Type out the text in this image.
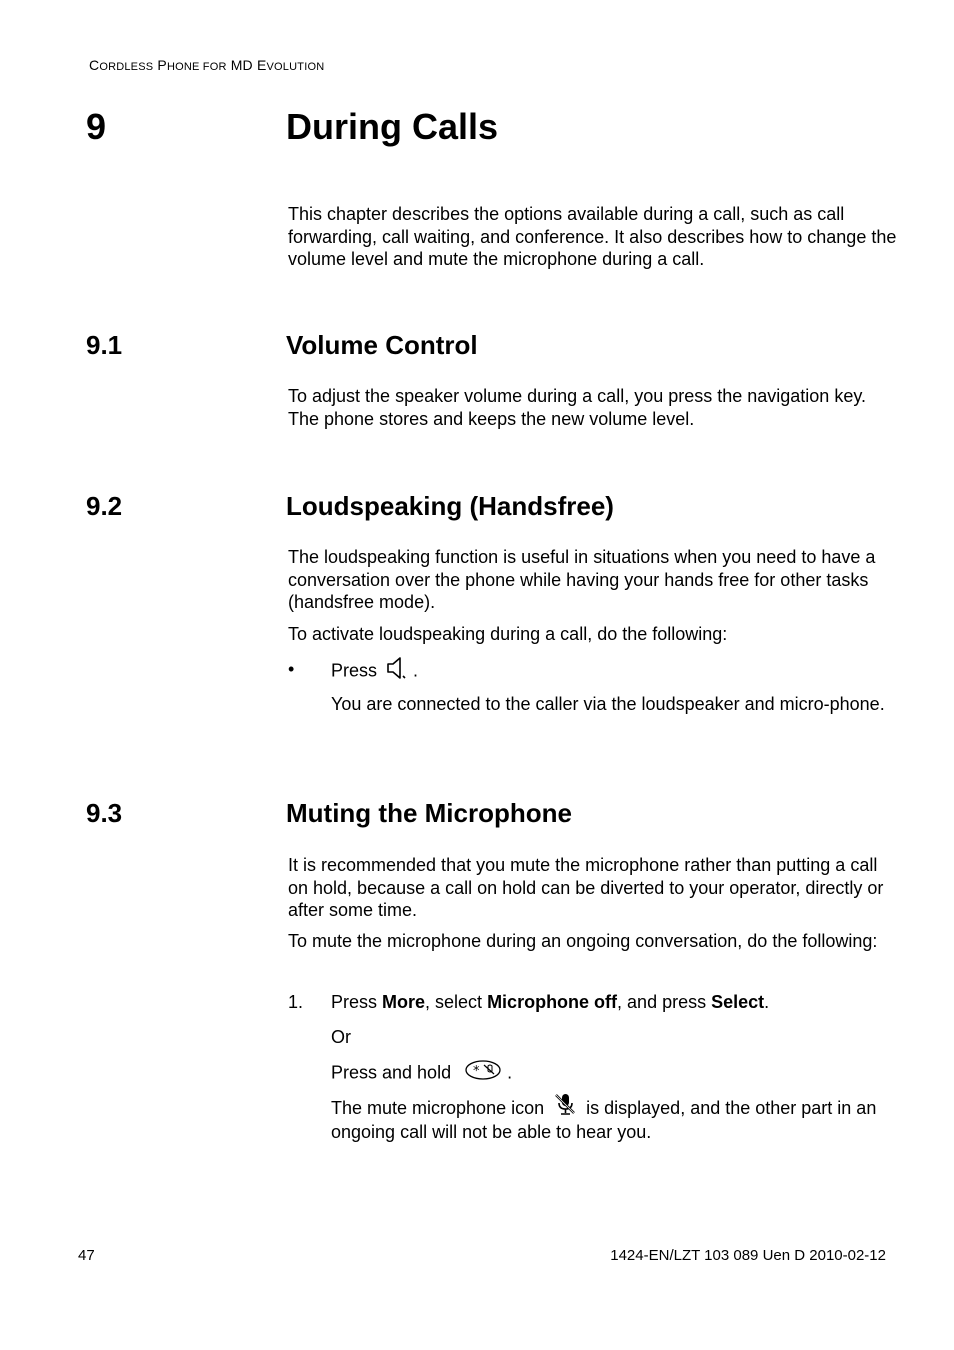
CORDLESS PHONE FOR MD EVOLUTION
9	During Calls

This chapter describes the options available during a call, such as call forwarding, call waiting, and conference. It also describes how to change the volume level and mute the microphone during a call.

9.1	Volume Control

To adjust the speaker volume during a call, you press the navigation key. The phone stores and keeps the new volume level.

9.2	Loudspeaking (Handsfree)

The loudspeaking function is useful in situations when you need to have a conversation over the phone while having your hands free for other tasks (handsfree mode).

To activate loudspeaking during a call, do the following:

• Press .
You are connected to the caller via the loudspeaker and micro-phone.
9.3	Muting the Microphone

It is recommended that you mute the microphone rather than putting a call on hold, because a call on hold can be diverted to your operator, directly or after some time.

To mute the microphone during an ongoing conversation, do the following:

1. Press More, select Microphone off, and press Select.
Or
Press and hold * .
The mute microphone icon is displayed, and the other part in an ongoing call will not be able to hear you.
47	1424-EN/LZT 103 089 Uen D 2010-02-12
